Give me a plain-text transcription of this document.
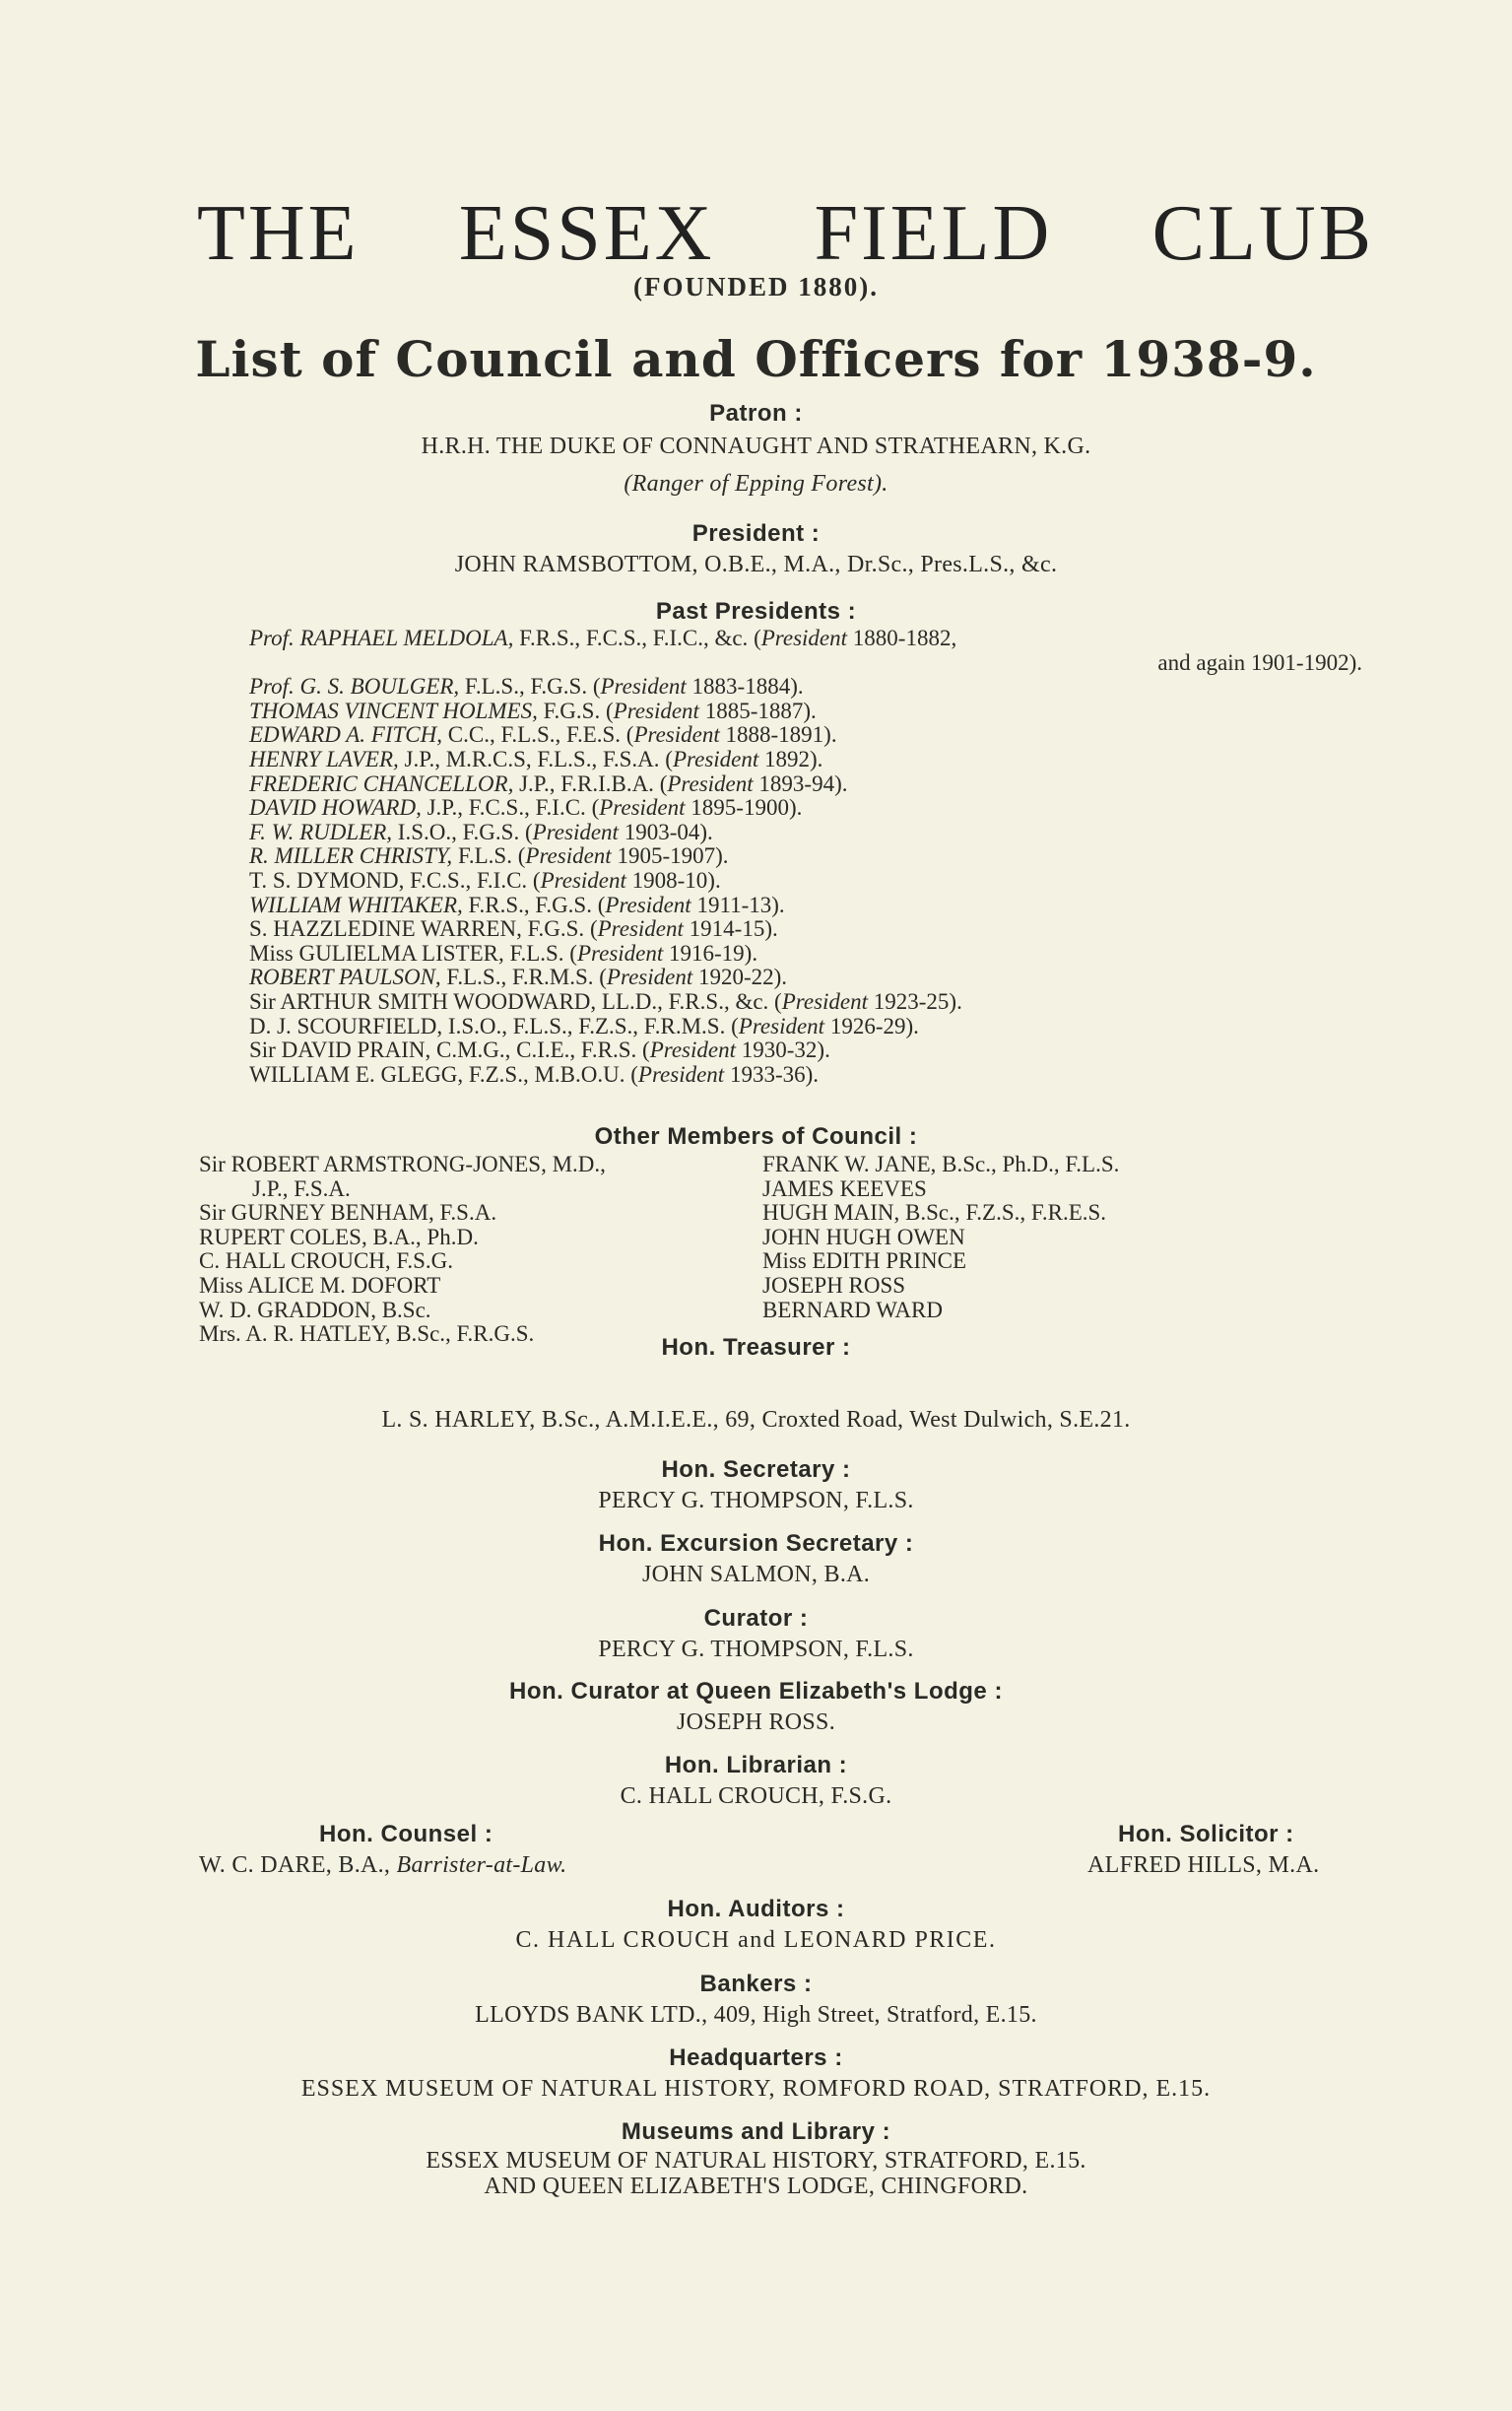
THE ESSEX FIELD CLUB
(FOUNDED 1880).
List of Council and Officers for 1938-9.
Patron :
H.R.H. THE DUKE OF CONNAUGHT AND STRATHEARN, K.G.
(Ranger of Epping Forest).
President :
JOHN RAMSBOTTOM, O.B.E., M.A., Dr.Sc., Pres.L.S., &c.
Past Presidents :
Prof. RAPHAEL MELDOLA, F.R.S., F.C.S., F.I.C., &c. (President 1880-1882,
and again 1901-1902).
Prof. G. S. BOULGER, F.L.S., F.G.S. (President 1883-1884).
THOMAS VINCENT HOLMES, F.G.S. (President 1885-1887).
EDWARD A. FITCH, C.C., F.L.S., F.E.S. (President 1888-1891).
HENRY LAVER, J.P., M.R.C.S, F.L.S., F.S.A. (President 1892).
FREDERIC CHANCELLOR, J.P., F.R.I.B.A. (President 1893-94).
DAVID HOWARD, J.P., F.C.S., F.I.C. (President 1895-1900).
F. W. RUDLER, I.S.O., F.G.S. (President 1903-04).
R. MILLER CHRISTY, F.L.S. (President 1905-1907).
T. S. DYMOND, F.C.S., F.I.C. (President 1908-10).
WILLIAM WHITAKER, F.R.S., F.G.S. (President 1911-13).
S. HAZZLEDINE WARREN, F.G.S. (President 1914-15).
Miss GULIELMA LISTER, F.L.S. (President 1916-19).
ROBERT PAULSON, F.L.S., F.R.M.S. (President 1920-22).
Sir ARTHUR SMITH WOODWARD, LL.D., F.R.S., &c. (President 1923-25).
D. J. SCOURFIELD, I.S.O., F.L.S., F.Z.S., F.R.M.S. (President 1926-29).
Sir DAVID PRAIN, C.M.G., C.I.E., F.R.S. (President 1930-32).
WILLIAM E. GLEGG, F.Z.S., M.B.O.U. (President 1933-36).
Other Members of Council :
Sir ROBERT ARMSTRONG-JONES, M.D.,
J.P., F.S.A.
Sir GURNEY BENHAM, F.S.A.
RUPERT COLES, B.A., Ph.D.
C. HALL CROUCH, F.S.G.
Miss ALICE M. DOFORT
W. D. GRADDON, B.Sc.
Mrs. A. R. HATLEY, B.Sc., F.R.G.S.
FRANK W. JANE, B.Sc., Ph.D., F.L.S.
JAMES KEEVES
HUGH MAIN, B.Sc., F.Z.S., F.R.E.S.
JOHN HUGH OWEN
Miss EDITH PRINCE
JOSEPH ROSS
BERNARD WARD
Hon. Treasurer :
L. S. HARLEY, B.Sc., A.M.I.E.E., 69, Croxted Road, West Dulwich, S.E.21.
Hon. Secretary :
PERCY G. THOMPSON, F.L.S.
Hon. Excursion Secretary :
JOHN SALMON, B.A.
Curator :
PERCY G. THOMPSON, F.L.S.
Hon. Curator at Queen Elizabeth's Lodge :
JOSEPH ROSS.
Hon. Librarian :
C. HALL CROUCH, F.S.G.
Hon. Counsel :
W. C. DARE, B.A., Barrister-at-Law.
Hon. Solicitor :
ALFRED HILLS, M.A.
Hon. Auditors :
C. HALL CROUCH and LEONARD PRICE.
Bankers :
LLOYDS BANK LTD., 409, High Street, Stratford, E.15.
Headquarters :
ESSEX MUSEUM OF NATURAL HISTORY, ROMFORD ROAD, STRATFORD, E.15.
Museums and Library :
ESSEX MUSEUM OF NATURAL HISTORY, STRATFORD, E.15.
AND QUEEN ELIZABETH'S LODGE, CHINGFORD.
